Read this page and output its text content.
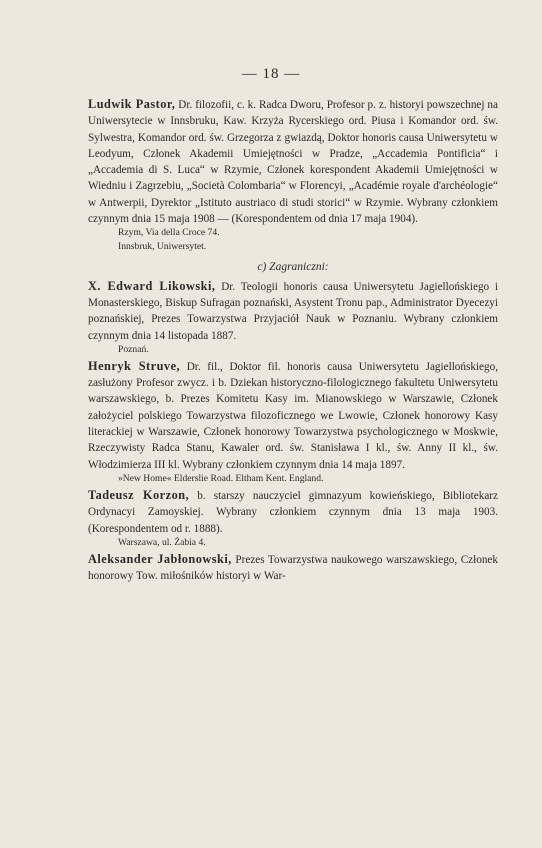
— 18 —
Ludwik Pastor, Dr. filozofii, c. k. Radca Dworu, Profesor p. z. historyi powszechnej na Uniwersytecie w Innsbruku, Kaw. Krzyża Rycerskiego ord. Piusa i Komandor ord. św. Sylwestra, Komandor ord. św. Grzegorza z gwiazdą, Doktor honoris causa Uniwersytetu w Leodyum, Członek Akademii Umiejętności w Pradze, „Accademia Pontificia“ i „Accademia di S. Luca“ w Rzymie, Członek korespondent Akademii Umiejętności w Wiedniu i Zagrzebiu, „Società Colombaria“ w Florencyi, „Académie royale d'archéologie“ w Antwerpii, Dyrektor „Istituto austriaco di studi storici“ w Rzymie. Wybrany członkiem czynnym dnia 15 maja 1908 — (Korespondentem od dnia 17 maja 1904).
Rzym, Via della Croce 74.
Innsbruk, Uniwersytet.
c) Zagraniczni:
X. Edward Likowski, Dr. Teologii honoris causa Uniwersytetu Jagiellońskiego i Monasterskiego, Biskup Sufragan poznański, Asystent Tronu pap., Administrator Dyecezyi poznańskiej, Prezes Towarzystwa Przyjaciół Nauk w Poznaniu. Wybrany członkiem czynnym dnia 14 listopada 1887.
Poznań.
Henryk Struve, Dr. fil., Doktor fil. honoris causa Uniwersytetu Jagiellońskiego, zasłużony Profesor zwycz. i b. Dziekan historyczno-filologicznego fakultetu Uniwersytetu warszawskiego, b. Prezes Komitetu Kasy im. Mianowskiego w Warszawie, Członek założyciel polskiego Towarzystwa filozoficznego we Lwowie, Członek honorowy Kasy literackiej w Warszawie, Członek honorowy Towarzystwa psychologicznego w Moskwie, Rzeczywisty Radca Stanu, Kawaler ord. św. Stanisława I kl., św. Anny II kl., św. Włodzimierza III kl. Wybrany członkiem czynnym dnia 14 maja 1897.
»New Home« Elderslie Road. Eltham Kent. England.
Tadeusz Korzon, b. starszy nauczyciel gimnazyum kowieńskiego, Bibliotekarz Ordynacyi Zamoyskiej. Wybrany członkiem czynnym dnia 13 maja 1903. (Korespondentem od r. 1888).
Warszawa, ul. Żabia 4.
Aleksander Jabłonowski, Prezes Towarzystwa naukowego warszawskiego, Członek honorowy Tow. miłośników historyi w War-
